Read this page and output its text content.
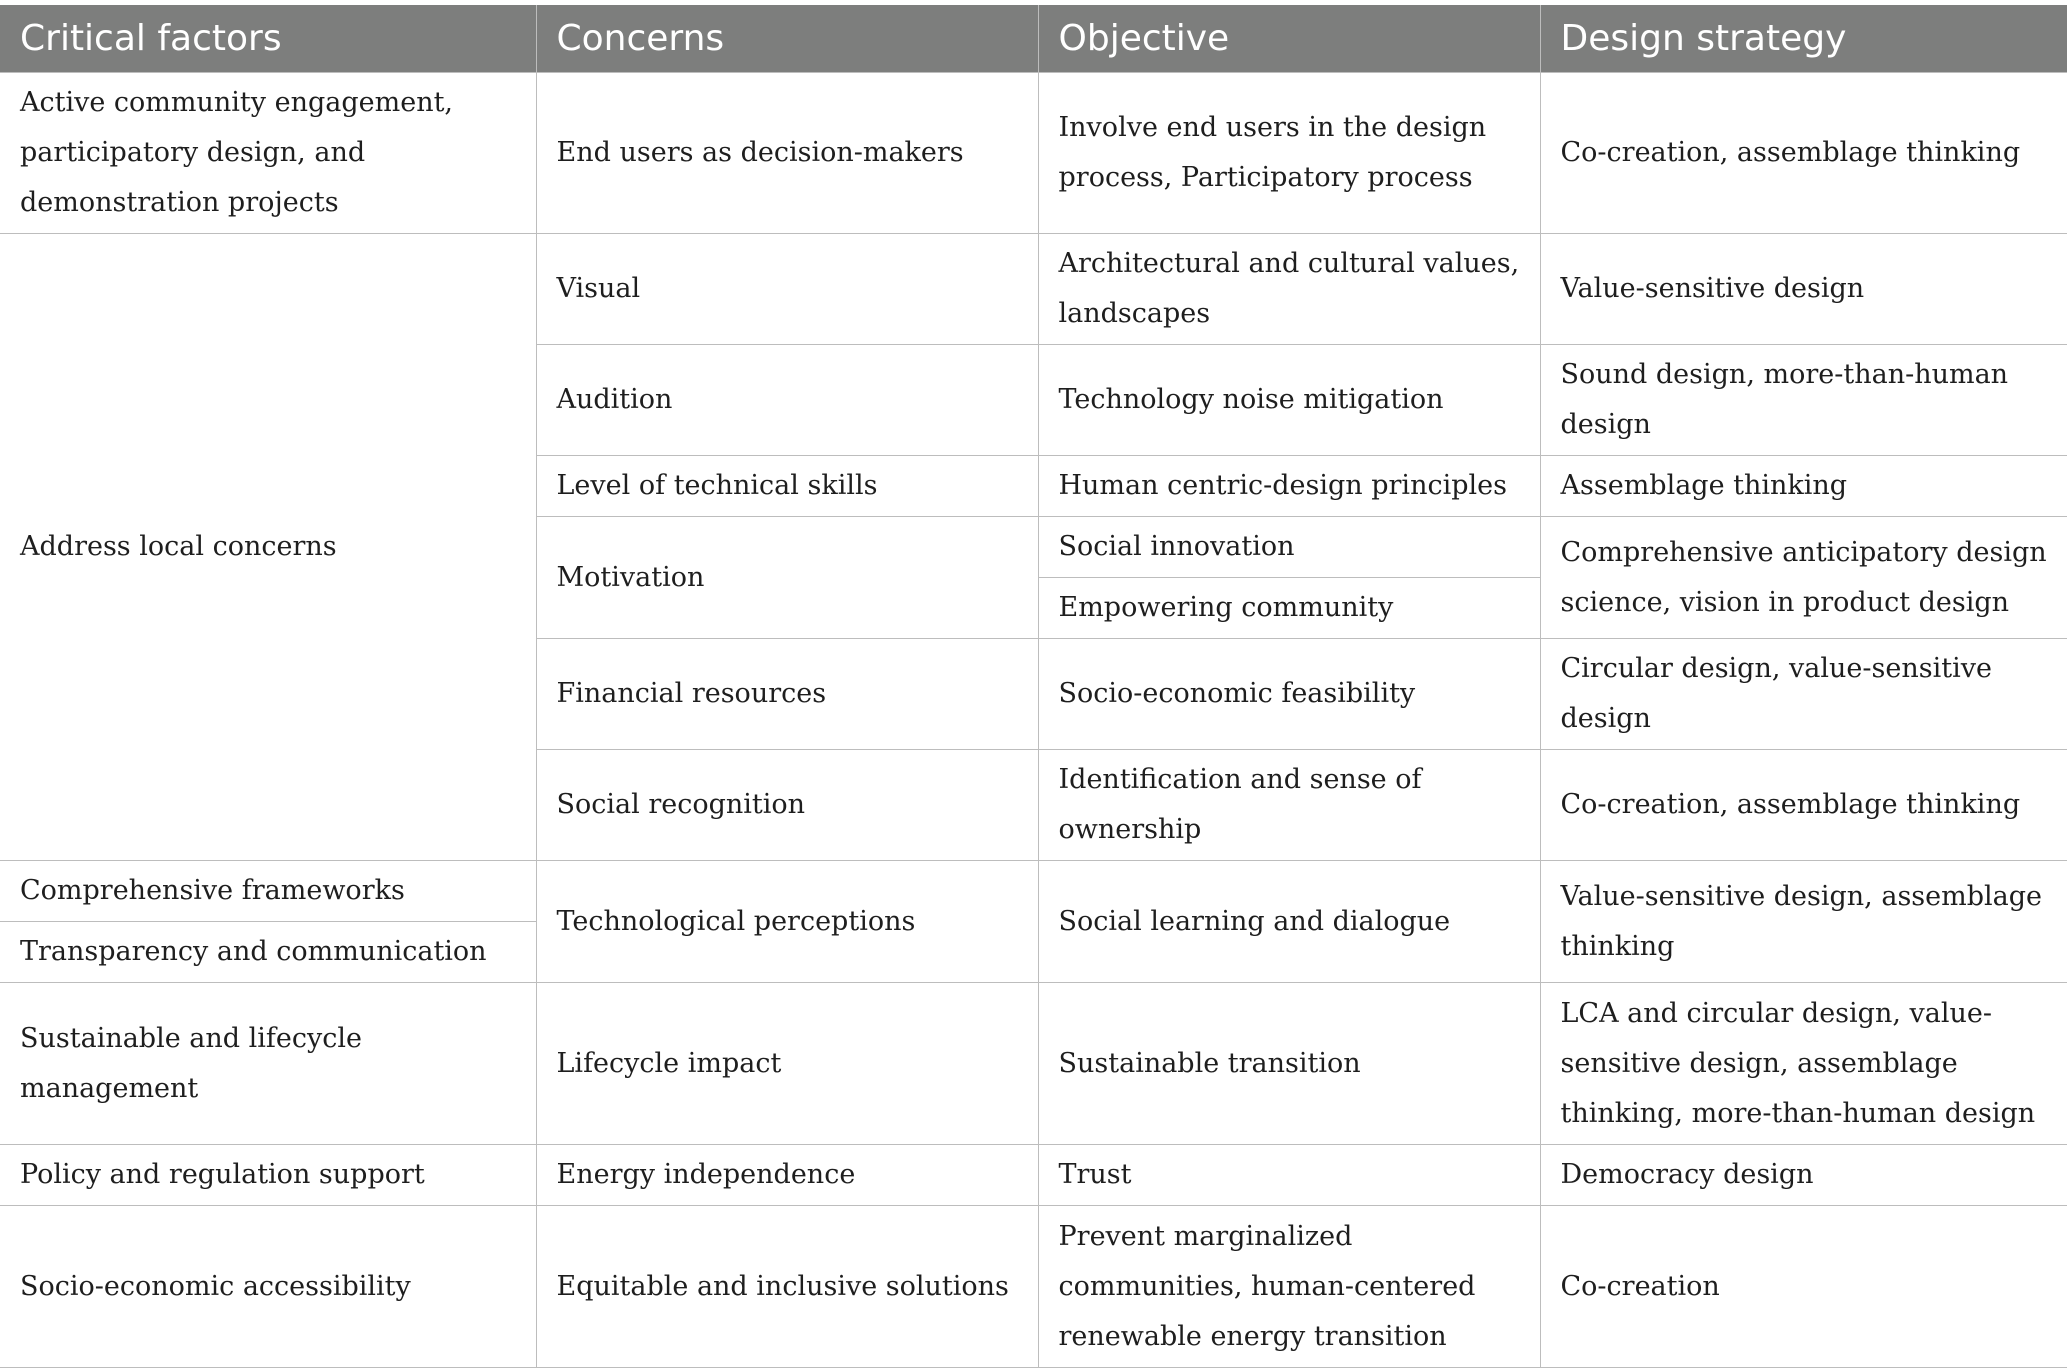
Critical factors	Concerns	Objective	Design strategy
Active community engagement, participatory design, and demonstration projects	End users as decision-makers	Involve end users in the design process, Participatory process	Co-creation, assemblage thinking
Address local concerns	Visual	Architectural and cultural values, landscapes	Value-sensitive design
	Audition	Technology noise mitigation	Sound design, more-than-human design
	Level of technical skills	Human centric-design principles	Assemblage thinking
	Motivation	Social innovation	Comprehensive anticipatory design science, vision in product design
		Empowering community	
	Financial resources	Socio-economic feasibility	Circular design, value-sensitive design
	Social recognition	Identification and sense of ownership	Co-creation, assemblage thinking
Comprehensive frameworks	Technological perceptions	Social learning and dialogue	Value-sensitive design, assemblage thinking
Transparency and communication			
Sustainable and lifecycle management	Lifecycle impact	Sustainable transition	LCA and circular design, value-sensitive design, assemblage thinking, more-than-human design
Policy and regulation support	Energy independence	Trust	Democracy design
Socio-economic accessibility	Equitable and inclusive solutions	Prevent marginalized communities, human-centered renewable energy transition	Co-creation
